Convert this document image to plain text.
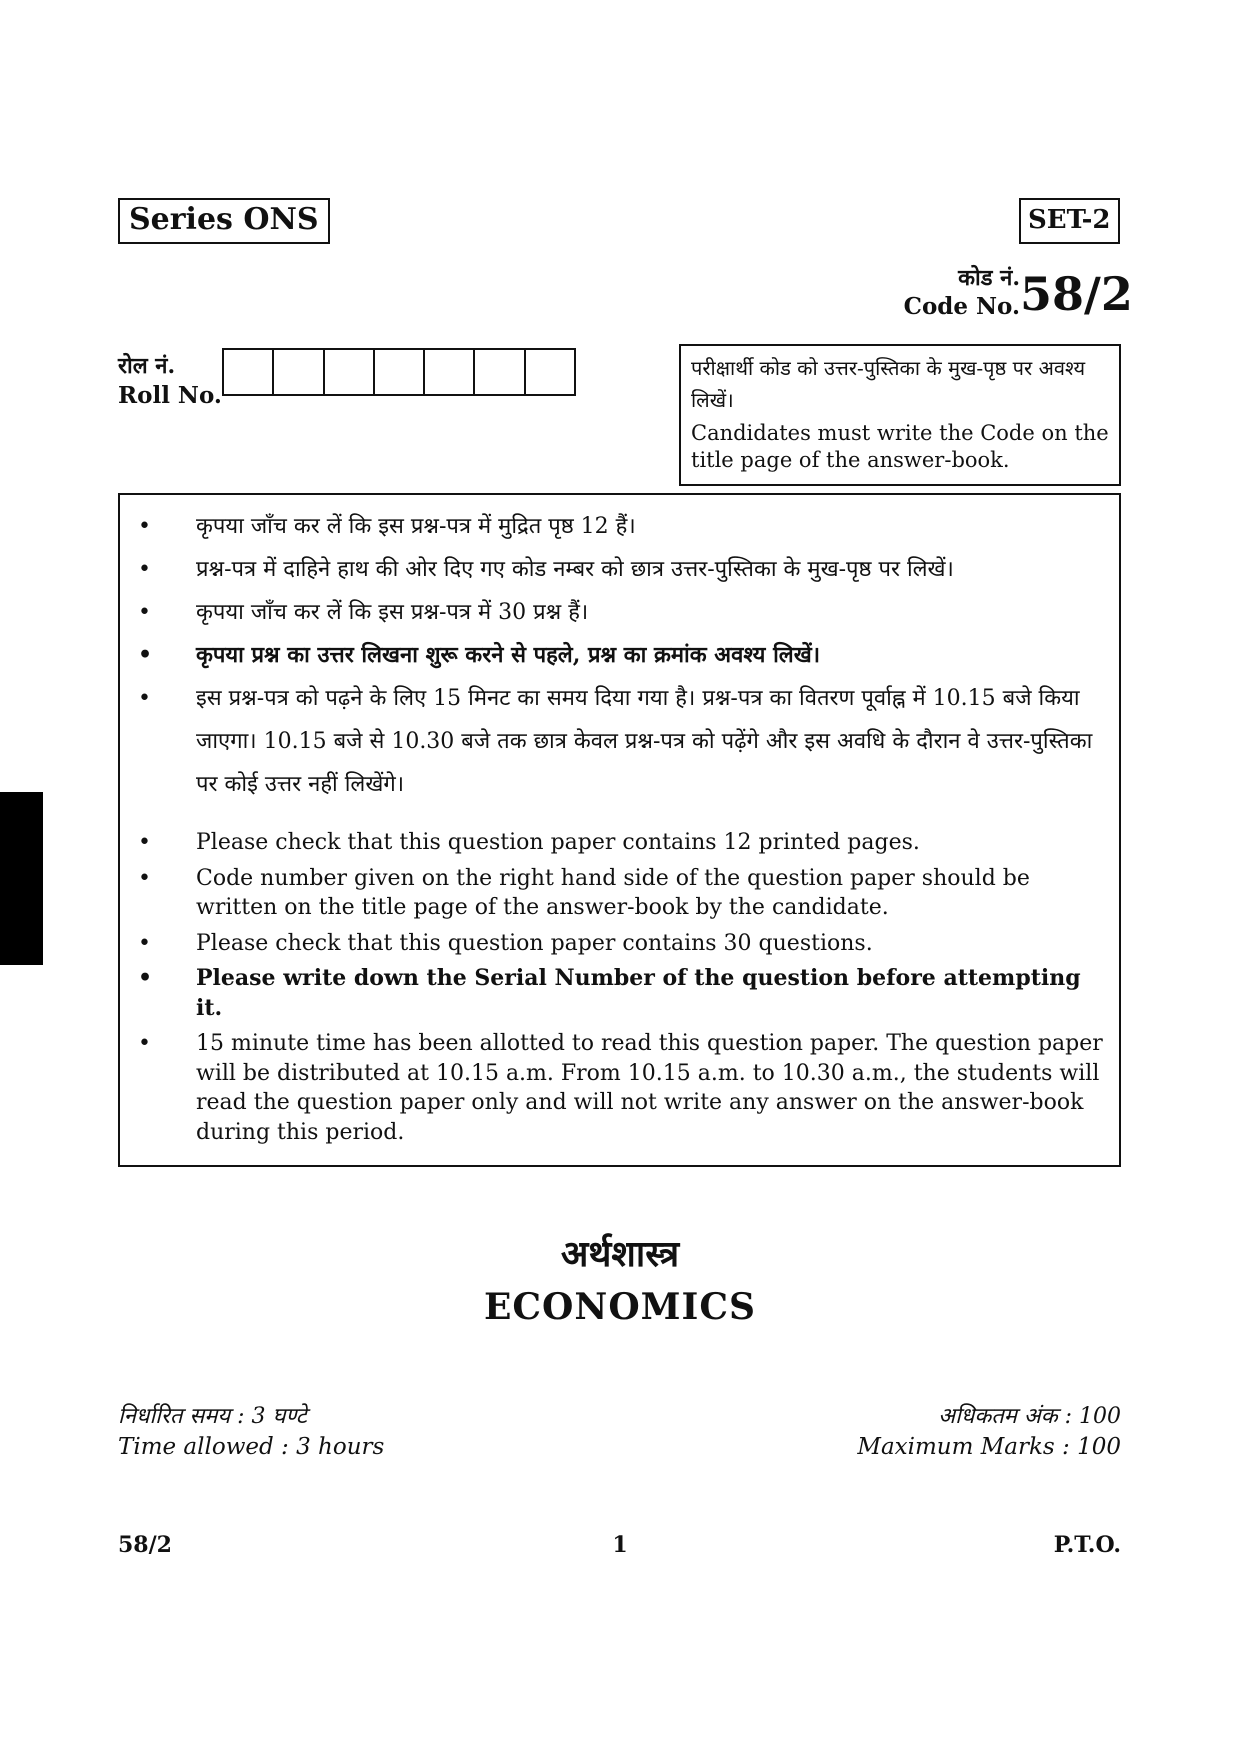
Series ONS	SET-2
कोड नं.
Code No. 58/2
रोल नं.
Roll No.
परीक्षार्थी कोड को उत्तर-पुस्तिका के मुख-पृष्ठ पर अवश्य लिखें।
Candidates must write the Code on the title page of the answer-book.
• कृपया जाँच कर लें कि इस प्रश्न-पत्र में मुद्रित पृष्ठ 12 हैं।
• प्रश्न-पत्र में दाहिने हाथ की ओर दिए गए कोड नम्बर को छात्र उत्तर-पुस्तिका के मुख-पृष्ठ पर लिखें।
• कृपया जाँच कर लें कि इस प्रश्न-पत्र में 30 प्रश्न हैं।
• कृपया प्रश्न का उत्तर लिखना शुरू करने से पहले, प्रश्न का क्रमांक अवश्य लिखें।
• इस प्रश्न-पत्र को पढ़ने के लिए 15 मिनट का समय दिया गया है। प्रश्न-पत्र का वितरण पूर्वाह्न में 10.15 बजे किया जाएगा। 10.15 बजे से 10.30 बजे तक छात्र केवल प्रश्न-पत्र को पढ़ेंगे और इस अवधि के दौरान वे उत्तर-पुस्तिका पर कोई उत्तर नहीं लिखेंगे।
• Please check that this question paper contains 12 printed pages.
• Code number given on the right hand side of the question paper should be written on the title page of the answer-book by the candidate.
• Please check that this question paper contains 30 questions.
• Please write down the Serial Number of the question before attempting it.
• 15 minute time has been allotted to read this question paper. The question paper will be distributed at 10.15 a.m. From 10.15 a.m. to 10.30 a.m., the students will read the question paper only and will not write any answer on the answer-book during this period.
अर्थशास्त्र
ECONOMICS
निर्धारित समय : 3 घण्टे
Time allowed : 3 hours
अधिकतम अंक : 100
Maximum Marks : 100
58/2	1	P.T.O.
